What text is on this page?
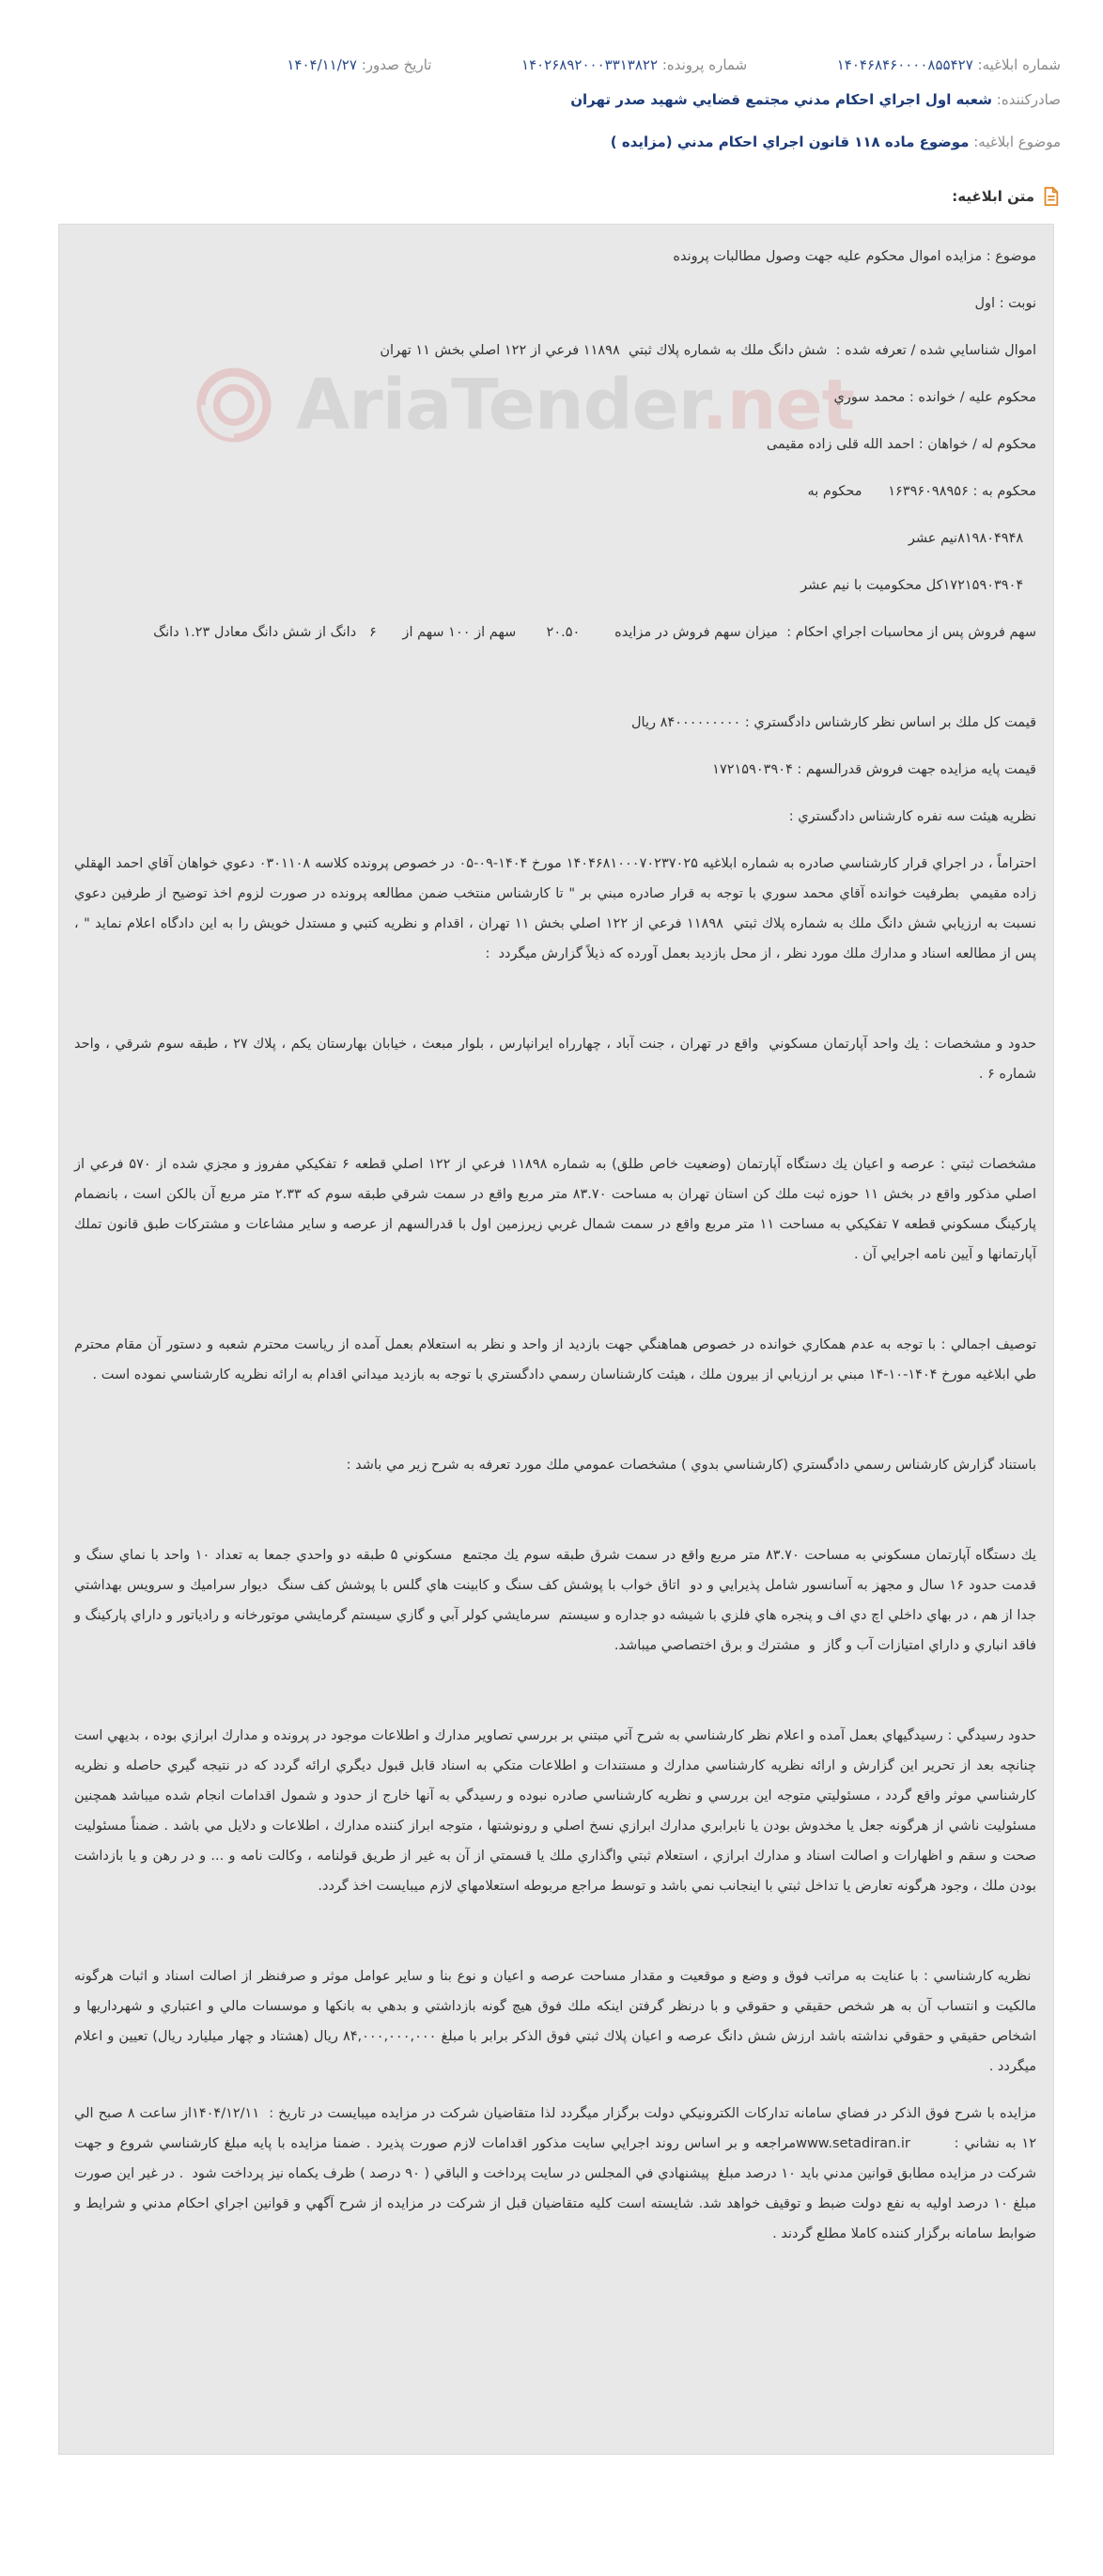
شماره ابلاغیه: ۱۴۰۴۶۸۴۶۰۰۰۰۸۵۵۴۲۷  شماره پرونده: ۱۴۰۲۶۸۹۲۰۰۰۳۳۱۳۸۲۲  تاریخ صدور: ۱۴۰۴/۱۱/۲۷
صادرکننده: شعبه اول اجراي احكام مدني مجتمع قضايي شهيد صدر تهران
موضوع ابلاغیه: موضوع ماده ۱۱۸ قانون اجراي احكام مدني (مزايده )
متن ابلاغیه:
AriaTender.net

موضوع : مزايده اموال محكوم عليه جهت وصول مطالبات پرونده

نوبت : اول

اموال شناسايي شده / تعرفه شده :  شش دانگ ملك به شماره پلاك ثبتي  ۱۱۸۹۸ فرعي از ۱۲۲ اصلي بخش ۱۱ تهران

محكوم عليه / خوانده : محمد سوري

محكوم له / خواهان : احمد الله قلی زاده مقيمی

محكوم به : ۱۶۳۹۶۰۹۸۹۵۶      محكوم به

۸۱۹۸۰۴۹۴۸نيم عشر

۱۷۲۱۵۹۰۳۹۰۴كل محكوميت با نيم عشر

سهم فروش پس از محاسبات اجراي احكام :  ميزان سهم فروش در مزايده        ۲۰.۵۰       سهم از ۱۰۰ سهم از      ۶   دانگ از شش دانگ معادل ۱.۲۳ دانگ

قيمت كل ملك بر اساس نظر كارشناس دادگستري : ۸۴۰۰۰۰۰۰۰۰۰ ريال

قيمت پايه مزايده جهت فروش قدرالسهم : ۱۷۲۱۵۹۰۳۹۰۴

نظريه هيئت سه نفره كارشناس دادگستري :

احتراماً ، در اجراي قرار كارشناسي صادره به شماره ابلاغيه ۱۴۰۴۶۸۱۰۰۰۷۰۲۳۷۰۲۵ مورخ ۱۴۰۴-۰۹-۰۵ در خصوص پرونده كلاسه ۰۳۰۱۱۰۸ دعوي خواهان آقاي احمد الهقلي زاده مقيمي  بطرفيت خوانده آقاي محمد سوري با توجه به قرار صادره مبني بر " تا كارشناس منتخب ضمن مطالعه پرونده در صورت لزوم اخذ توضيح از طرفين دعوي نسبت به ارزيابي شش دانگ ملك به شماره پلاك ثبتي  ۱۱۸۹۸ فرعي از ۱۲۲ اصلي بخش ۱۱ تهران ، اقدام و نظريه كتبي و مستدل خويش را به اين دادگاه اعلام نمايد " ، پس از مطالعه اسناد و مدارك ملك مورد نظر ، از محل بازديد بعمل آورده كه ذيلاً گزارش ميگردد  :

حدود و مشخصات : يك واحد آپارتمان مسكوني  واقع در تهران ، جنت آباد ، چهارراه ايرانپارس ، بلوار مبعث ، خيابان بهارستان يكم ، پلاك ۲۷ ، طبقه سوم شرقي ، واحد شماره ۶ .

مشخصات ثبتي : عرصه و اعيان يك دستگاه آپارتمان (وضعيت خاص طلق) به شماره ۱۱۸۹۸ فرعي از ۱۲۲ اصلي قطعه ۶ تفكيكي مفروز و مجزي شده از ۵۷۰ فرعي از اصلي مذكور واقع در بخش ۱۱ حوزه ثبت ملك كن استان تهران به مساحت ۸۳.۷۰ متر مربع واقع در سمت شرقي طبقه سوم كه ۲.۳۳ متر مربع آن بالكن است ، بانضمام پاركينگ مسكوني قطعه ۷ تفكيكي به مساحت ۱۱ متر مربع واقع در سمت شمال غربي زيرزمين اول با قدرالسهم از عرصه و ساير مشاعات و مشتركات طبق قانون تملك آپارتمانها و آيين نامه اجرايي آن .

توصيف اجمالي : با توجه به عدم همكاري خوانده در خصوص هماهنگي جهت بازديد از واحد و نظر به استعلام بعمل آمده از رياست محترم شعبه و دستور آن مقام محترم طي ابلاغيه مورخ ۱۴۰۴-۱۰-۱۴ مبني بر ارزيابي از بيرون ملك ، هيئت كارشناسان رسمي دادگستري با توجه به بازديد ميداني اقدام به ارائه نظريه كارشناسي نموده است .

باستناد گزارش كارشناس رسمي دادگستري (كارشناسي بدوي ) مشخصات عمومي ملك مورد تعرفه به شرح زير مي باشد :

يك دستگاه آپارتمان مسكوني به مساحت ۸۳.۷۰ متر مربع واقع در سمت شرق طبقه سوم يك مجتمع  مسكوني ۵ طبقه دو واحدي جمعا به تعداد ۱۰ واحد با نماي سنگ و قدمت حدود ۱۶ سال و مجهز به آسانسور شامل پذيرايي و دو  اتاق خواب با پوشش كف سنگ و كابينت هاي گلس با پوشش كف سنگ  ديوار سراميك و سرويس بهداشتي جدا از هم ، در بهاي داخلي اچ دي اف و پنجره هاي فلزي با شيشه دو جداره و سيستم  سرمايشي كولر آبي و گازي سيستم گرمايشي موتورخانه و رادياتور و داراي پاركينگ و فاقد انباري و داراي امتيازات آب و گاز  و  مشترك و برق اختصاصي ميباشد.

حدود رسيدگي : رسيدگيهاي بعمل آمده و اعلام نظر كارشناسي به شرح آتي مبتني بر بررسي تصاوير مدارك و اطلاعات موجود در پرونده و مدارك ابرازي بوده ، بديهي است چنانچه بعد از تحرير اين گزارش و ارائه نظريه كارشناسي مدارك و مستندات و اطلاعات متكي به اسناد قابل قبول ديگري ارائه گردد كه در نتيجه گيري حاصله و نظريه كارشناسي موثر واقع گردد ، مسئوليتي متوجه اين بررسي و نظريه كارشناسي صادره نبوده و رسيدگي به آنها خارج از حدود و شمول اقدامات انجام شده ميباشد همچنين مسئوليت ناشي از هرگونه جعل يا مخدوش بودن يا نابرابري مدارك ابرازي نسخ اصلي و رونوشتها ، متوجه ابراز كننده مدارك ، اطلاعات و دلايل مي باشد . ضمناً مسئوليت صحت و سقم و اظهارات و اصالت اسناد و مدارك ابرازي ، استعلام ثبتي واگذاري ملك يا قسمتي از آن به غير از طريق قولنامه ، وكالت نامه و ... و در رهن و يا بازداشت بودن ملك ، وجود هرگونه تعارض يا تداخل ثبتي با اينجانب نمي باشد و توسط مراجع مربوطه استعلامهاي لازم ميبايست اخذ گردد.

نظريه كارشناسي : با عنايت به مراتب فوق و وضع و موقعيت و مقدار مساحت عرصه و اعيان و نوع بنا و ساير عوامل موثر و صرفنظر از اصالت اسناد و اثبات هرگونه مالكيت و انتساب آن به هر شخص حقيقي و حقوقي و با درنظر گرفتن اينكه ملك فوق هيچ گونه بازداشتي و بدهي به بانكها و موسسات مالي و اعتباري و شهرداريها و اشخاص حقيقي و حقوقي نداشته باشد ارزش شش دانگ عرصه و اعيان پلاك ثبتي فوق الذكر برابر با مبلغ ۸۴,۰۰۰,۰۰۰,۰۰۰ ريال (هشتاد و چهار ميليارد ريال) تعيين و اعلام ميگردد .

مزايده با شرح فوق الذكر در فضاي سامانه تداركات الكترونيكي دولت برگزار ميگردد لذا متقاضيان شركت در مزايده ميبايست در تاريخ :  ۱۴۰۴/۱۲/۱۱از ساعت ۸ صبح الي ۱۲ به نشاني :        www.setadiran.irمراجعه و بر اساس روند اجرايي سايت مذكور اقدامات لازم صورت پذيرد . ضمنا مزايده با پايه مبلغ كارشناسي شروع و جهت شركت در مزايده مطابق قوانين مدني بايد ۱۰ درصد مبلغ  پيشنهادي في المجلس در سايت پرداخت و الباقي ( ۹۰ درصد ) ظرف يكماه نيز پرداخت شود  . در غير اين صورت مبلغ ۱۰ درصد اوليه به نفع دولت ضبط و توقيف خواهد شد. شايسته است كليه متقاضيان قبل از شركت در مزايده از شرح آگهي و قوانين اجراي احكام مدني و شرايط و ضوابط سامانه برگزار كننده كاملا مطلع گردند .
